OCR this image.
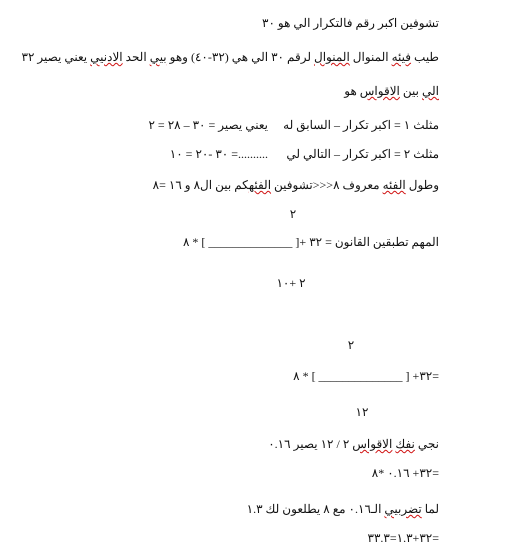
تشوفين اكبر رقم فالتكرار الي هو ٣٠
طيب فيئه المنوال المنوال لرقم ٣٠ الي هي (٣٢-٤٠) وهو بيي الحد الادنيي يعني يصير ٣٢
الي بين الاقواس هو
مثلث ١ = اكبر تكرار – السابق له
يعني يصير = ٣٠ – ٢٨ = ٢
مثلث ٢ = اكبر تكرار – التالي لي
..........= ٣٠ -٢٠ = ١٠
وطول الفئه معروف ٨<<<تشوفين الفئهكم بين ال٨ و ١٦ =٨
٢
المهم تطبقين القانون = ٣٢ +[ ______________ ] * ٨
٢ +١٠
٢
=٣٢+ [ ______________ ] * ٨
١٢
نجي نفك الاقواس ٢ / ١٢ يصير ٠.١٦
=٣٢+ ٠.١٦ *٨
لما تضربيي الـ٠.١٦ مع ٨ يطلعون لك ١.٣
=٣٢+١.٣=٣٣.٣
